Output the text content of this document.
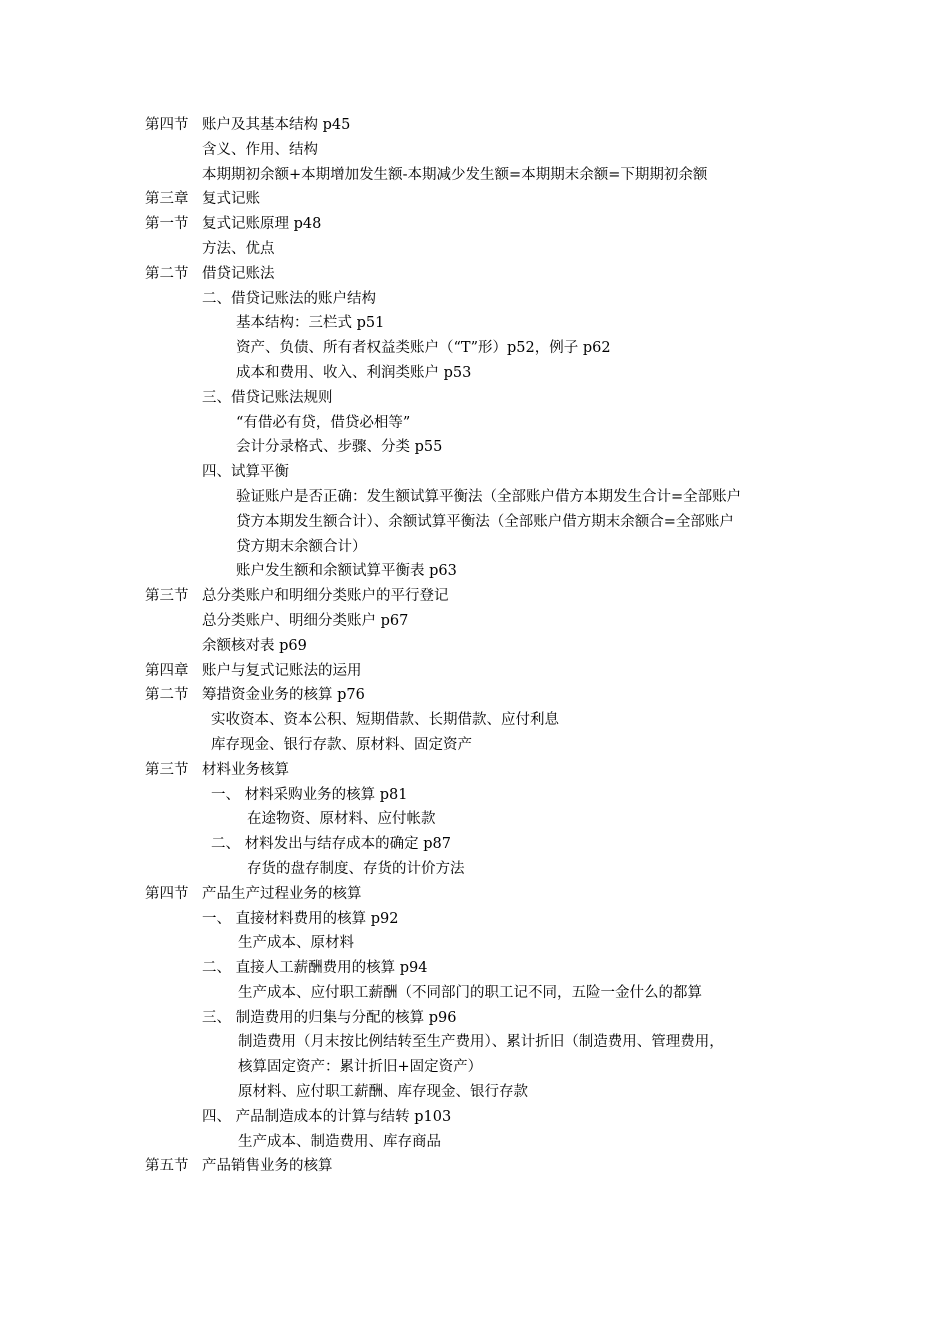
第四节 账户及其基本结构 p45
含义、作用、结构
本期期初余额+本期增加发生额-本期减少发生额=本期期末余额=下期期初余额
第三章 复式记账
第一节 复式记账原理 p48
方法、优点
第二节 借贷记账法
二、借贷记账法的账户结构
基本结构：三栏式 p51
资产、负债、所有者权益类账户（“T”形）p52，例子 p62
成本和费用、收入、利润类账户 p53
三、借贷记账法规则
“有借必有贷，借贷必相等”
会计分录格式、步骤、分类 p55
四、试算平衡
验证账户是否正确：发生额试算平衡法（全部账户借方本期发生合计=全部账户
贷方本期发生额合计）、余额试算平衡法（全部账户借方期末余额合=全部账户
贷方期末余额合计）
账户发生额和余额试算平衡表 p63
第三节 总分类账户和明细分类账户的平行登记
总分类账户、明细分类账户 p67
余额核对表 p69
第四章 账户与复式记账法的运用
第二节 筹措资金业务的核算 p76
实收资本、资本公积、短期借款、长期借款、应付利息
库存现金、银行存款、原材料、固定资产
第三节 材料业务核算
一、 材料采购业务的核算 p81
在途物资、原材料、应付帐款
二、 材料发出与结存成本的确定 p87
存货的盘存制度、存货的计价方法
第四节 产品生产过程业务的核算
一、 直接材料费用的核算 p92
生产成本、原材料
二、 直接人工薪酬费用的核算 p94
生产成本、应付职工薪酬（不同部门的职工记不同，五险一金什么的都算
三、 制造费用的归集与分配的核算 p96
制造费用（月末按比例结转至生产费用）、累计折旧（制造费用、管理费用，
核算固定资产：累计折旧+固定资产）
原材料、应付职工薪酬、库存现金、银行存款
四、 产品制造成本的计算与结转 p103
生产成本、制造费用、库存商品
第五节 产品销售业务的核算
